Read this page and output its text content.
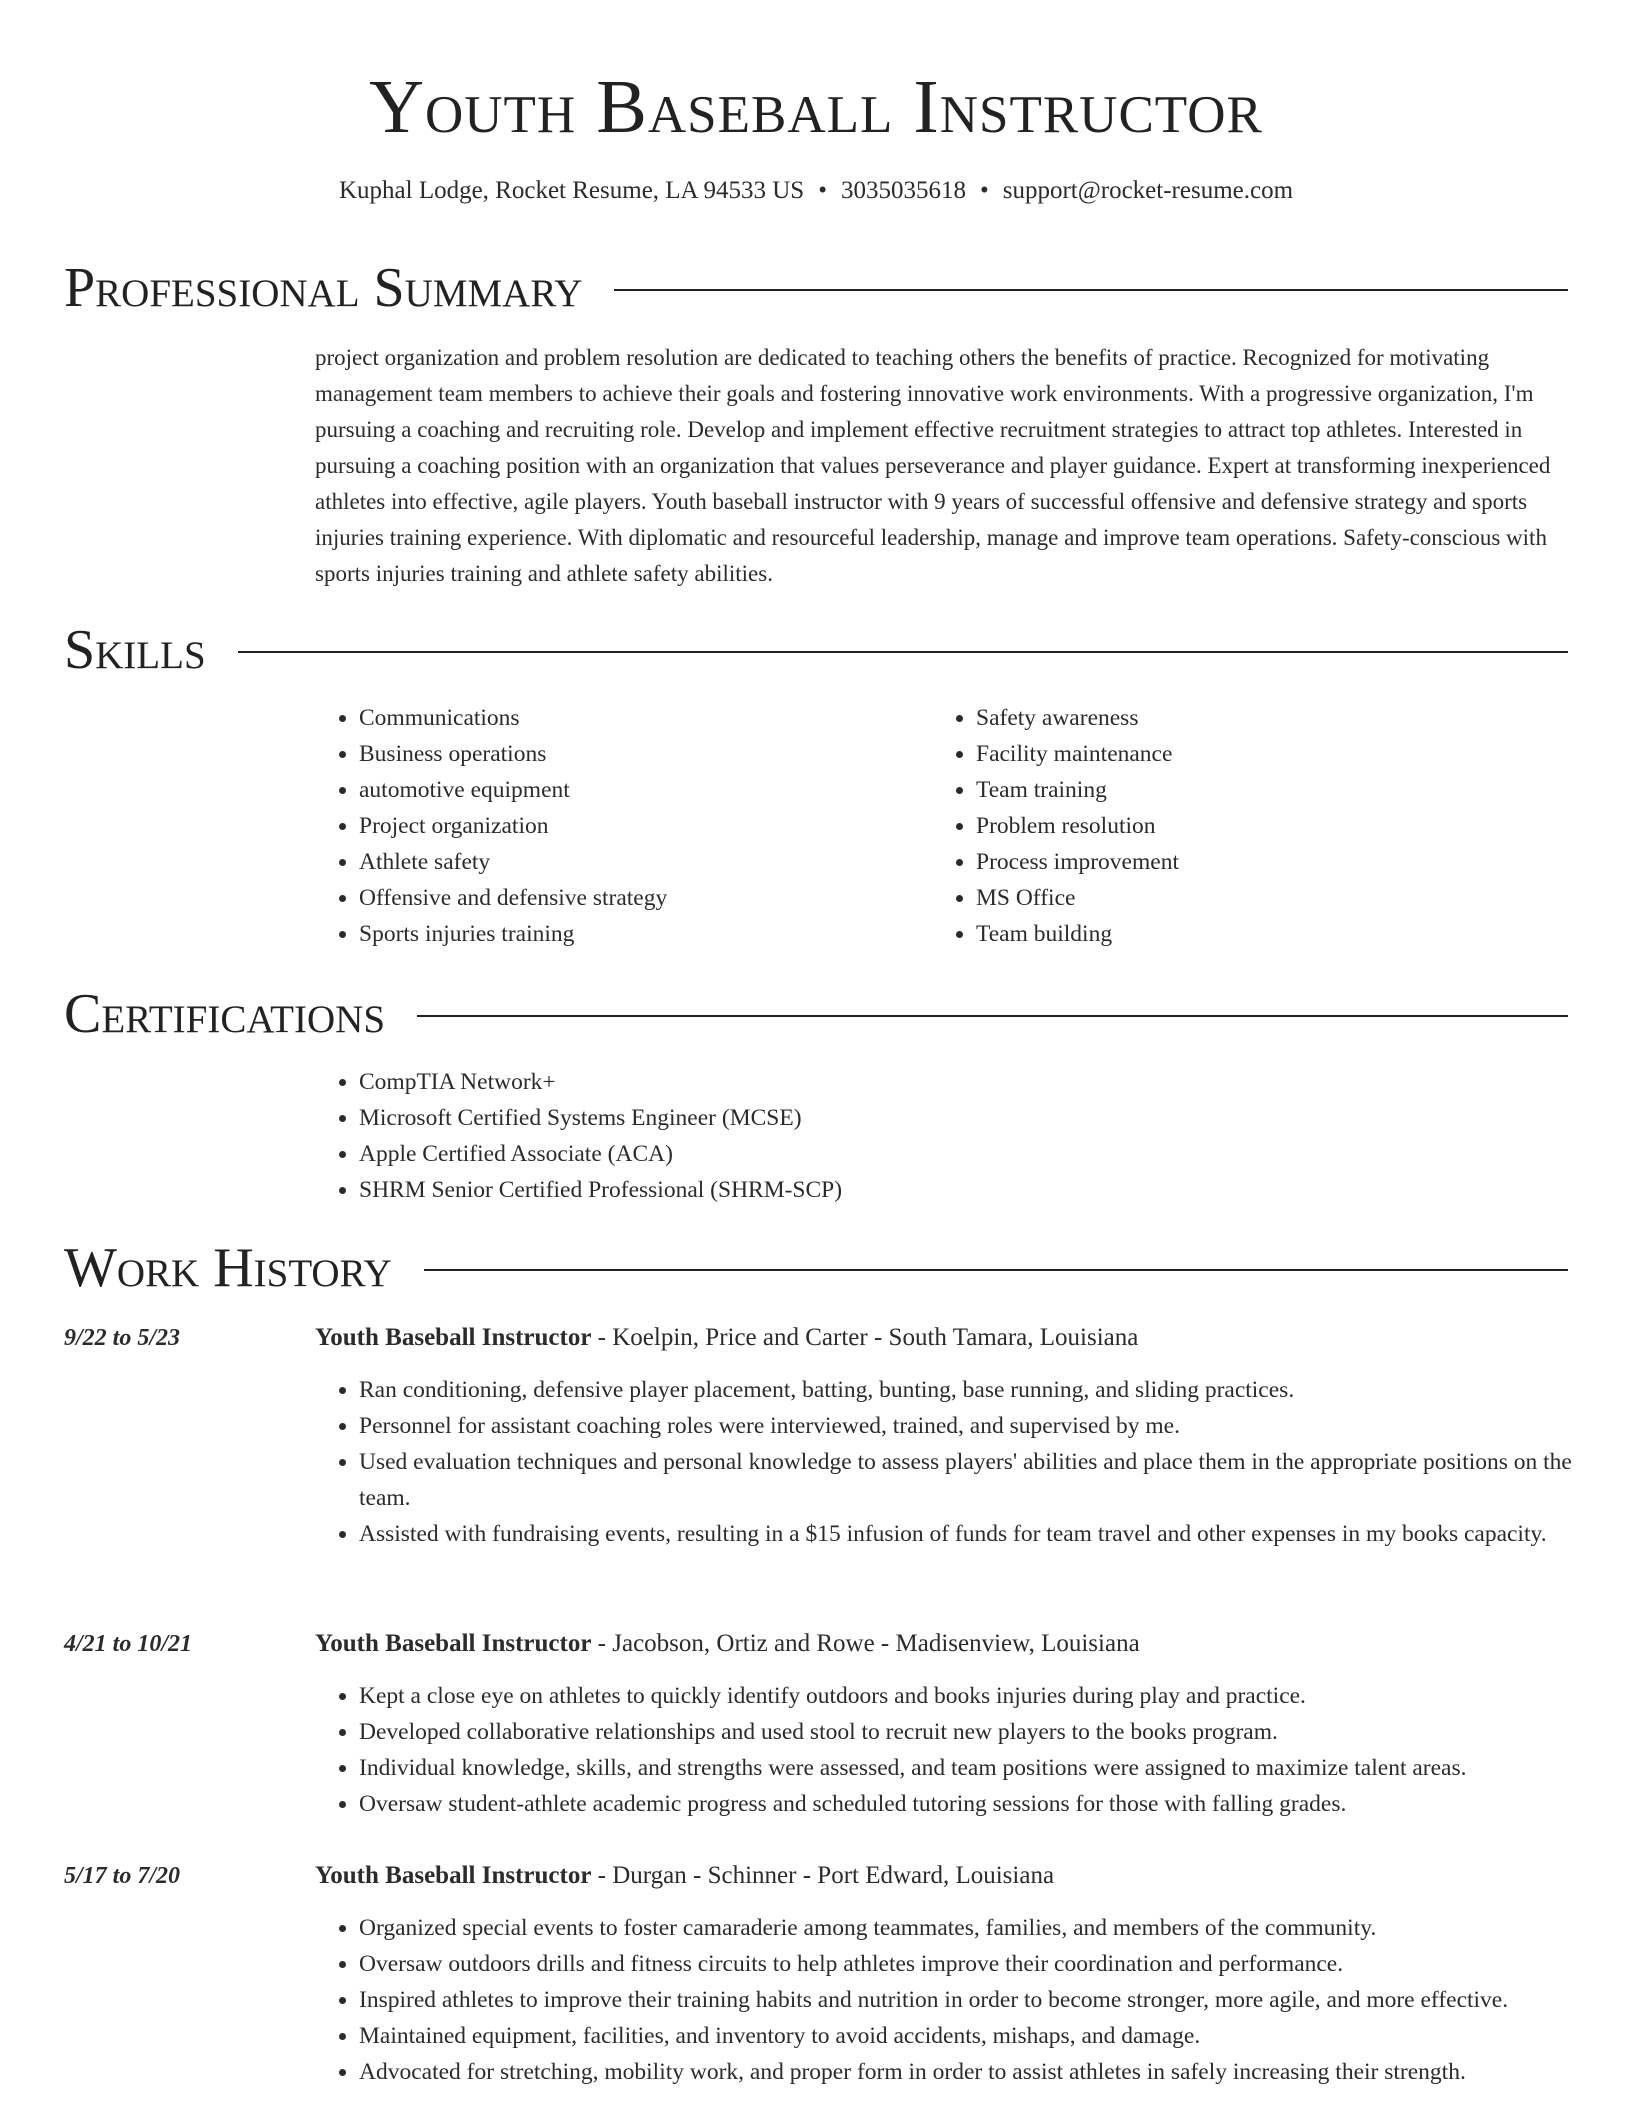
Youth Baseball Instructor
Kuphal Lodge, Rocket Resume, LA 94533 US • 3035035618 • support@rocket-resume.com
Professional Summary

project organization and problem resolution are dedicated to teaching others the benefits of practice. Recognized for motivating management team members to achieve their goals and fostering innovative work environments. With a progressive organization, I'm pursuing a coaching and recruiting role. Develop and implement effective recruitment strategies to attract top athletes. Interested in pursuing a coaching position with an organization that values perseverance and player guidance. Expert at transforming inexperienced athletes into effective, agile players. Youth baseball instructor with 9 years of successful offensive and defensive strategy and sports injuries training experience. With diplomatic and resourceful leadership, manage and improve team operations. Safety-conscious with sports injuries training and athlete safety abilities.

Skills
• Communications
• Business operations
• automotive equipment
• Project organization
• Athlete safety
• Offensive and defensive strategy
• Sports injuries training
• Safety awareness
• Facility maintenance
• Team training
• Problem resolution
• Process improvement
• MS Office
• Team building
Certifications
• CompTIA Network+
• Microsoft Certified Systems Engineer (MCSE)
• Apple Certified Associate (ACA)
• SHRM Senior Certified Professional (SHRM-SCP)
Work History
9/22 to 5/23	Youth Baseball Instructor - Koelpin, Price and Carter - South Tamara, Louisiana
• Ran conditioning, defensive player placement, batting, bunting, base running, and sliding practices.
• Personnel for assistant coaching roles were interviewed, trained, and supervised by me.
• Used evaluation techniques and personal knowledge to assess players' abilities and place them in the appropriate positions on the team.
• Assisted with fundraising events, resulting in a $15 infusion of funds for team travel and other expenses in my books capacity.
4/21 to 10/21	Youth Baseball Instructor - Jacobson, Ortiz and Rowe - Madisenview, Louisiana
• Kept a close eye on athletes to quickly identify outdoors and books injuries during play and practice.
• Developed collaborative relationships and used stool to recruit new players to the books program.
• Individual knowledge, skills, and strengths were assessed, and team positions were assigned to maximize talent areas.
• Oversaw student-athlete academic progress and scheduled tutoring sessions for those with falling grades.
5/17 to 7/20	Youth Baseball Instructor - Durgan - Schinner - Port Edward, Louisiana
• Organized special events to foster camaraderie among teammates, families, and members of the community.
• Oversaw outdoors drills and fitness circuits to help athletes improve their coordination and performance.
• Inspired athletes to improve their training habits and nutrition in order to become stronger, more agile, and more effective.
• Maintained equipment, facilities, and inventory to avoid accidents, mishaps, and damage.
• Advocated for stretching, mobility work, and proper form in order to assist athletes in safely increasing their strength.
